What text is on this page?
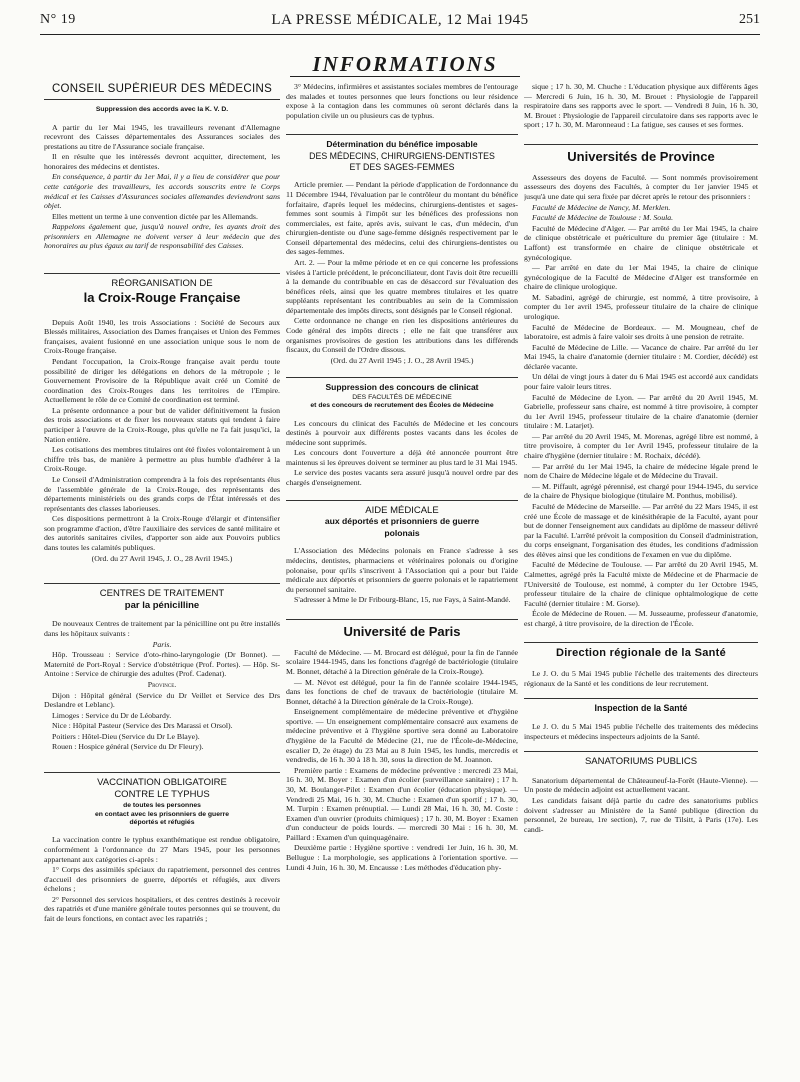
N° 19	LA PRESSE MÉDICALE, 12 Mai 1945	251
INFORMATIONS
CONSEIL SUPÉRIEUR DES MÉDECINS
Suppression des accords avec la K. V. D.

A partir du 1er Mai 1945, les travailleurs revenant d'Allemagne recevront des Caisses départementales des Assurances sociales des prestations au titre de l'Assurance sociale française.

Il en résulte que les intéressés devront acquitter, directement, les honoraires des médecins et dentistes.

En conséquence, à partir du 1er Mai, il y a lieu de considérer que pour cette catégorie des travailleurs, les accords souscrits entre le Corps médical et les Caisses d'Assurances sociales allemandes deviendront sans objet.

Elles mettent un terme à une convention dictée par les Allemands.

Rappelons également que, jusqu'à nouvel ordre, les ayants droit des prisonniers en Allemagne ne doivent verser à leur médecin que des honoraires au plus égaux au tarif de responsabilité des Caisses.

RÉORGANISATION DE
la Croix-Rouge Française

Depuis Août 1940, les trois Associations : Société de Secours aux Blessés militaires, Association des Dames françaises et Union des Femmes françaises, avaient fusionné en une association unique sous le nom de Croix-Rouge française.

Pendant l'occupation, la Croix-Rouge française avait perdu toute possibilité de diriger les délégations en dehors de la métropole ; le Gouvernement Provisoire de la République avait créé un Comité de coordination des Croix-Rouges dans les territoires de l'Empire. Actuellement le rôle de ce Comité de coordination est terminé.

La présente ordonnance a pour but de valider définitivement la fusion des trois associations et de fixer les nouveaux statuts qui tendent à faire participer à l'œuvre de la Croix-Rouge, plus qu'elle ne l'a fait jusqu'ici, la Nation entière.

Les cotisations des membres titulaires ont été fixées volontairement à un chiffre très bas, de manière à permettre au plus humble d'adhérer à la Croix-Rouge.

Le Conseil d'Administration comprendra à la fois des représentants élus de l'assemblée générale de la Croix-Rouge, des représentants des départements ministériels ou des grands corps de l'État intéressés et des représentants des classes laborieuses.

Ces dispositions permettront à la Croix-Rouge d'élargir et d'intensifier son programme d'action, d'être l'auxiliaire des services de santé militaire et des autorités sanitaires civiles, d'apporter son aide aux Pouvoirs publics dans toutes les calamités publiques.

(Ord. du 27 Avril 1945, J. O., 28 Avril 1945.)

CENTRES DE TRAITEMENT
par la pénicilline

De nouveaux Centres de traitement par la pénicilline ont pu être installés dans les hôpitaux suivants :

Paris.

Hôp. Trousseau : Service d'oto-rhino-laryngologie (Dr Bonnet). — Maternité de Port-Royal : Service d'obstétrique (Prof. Portes). — Hôp. St-Antoine : Service de chirurgie des adultes (Prof. Cadenat).

Province.

Dijon : Hôpital général (Service du Dr Veillet et Service des Drs Deslandre et Leblanc).

Limoges : Service du Dr de Léobardy.

Nice : Hôpital Pasteur (Service des Drs Marassi et Orsol).

Poitiers : Hôtel-Dieu (Service du Dr Le Blaye).

Rouen : Hospice général (Service du Dr Fleury).

VACCINATION OBLIGATOIRE
CONTRE LE TYPHUS
de toutes les personnes
en contact avec les prisonniers de guerre
déportés et réfugiés

La vaccination contre le typhus exanthématique est rendue obligatoire, conformément à l'ordonnance du 27 Mars 1945, pour les personnes appartenant aux catégories ci-après :

1° Corps des assimilés spéciaux du rapatriement, personnel des centres d'accueil des prisonniers de guerre, déportés et réfugiés, aux divers échelons ;

2° Personnel des services hospitaliers, et des centres destinés à recevoir des rapatriés et d'une manière générale toutes personnes qui se trouvent, du fait de leurs fonctions, en contact avec les rapatriés ;

3° Médecins, infirmières et assistantes sociales membres de l'entourage des malades et toutes personnes que leurs fonctions ou leur résidence expose à la contagion dans les communes où seront déclarés dans la population civile un ou plusieurs cas de typhus.

Détermination du bénéfice imposable
DES MÉDECINS, CHIRURGIENS-DENTISTES
ET DES SAGES-FEMMES

Article premier. — Pendant la période d'application de l'ordonnance du 11 Décembre 1944, l'évaluation par le contrôleur du montant du bénéfice forfaitaire, d'après lequel les médecins, chirurgiens-dentistes et sages-femmes sont soumis à l'impôt sur les bénéfices des professions non commerciales, est faite, après avis, suivant le cas, d'un médecin, d'un chirurgien-dentiste ou d'une sage-femme désignés respectivement par le Conseil départemental des médecins, celui des chirurgiens-dentistes ou des sages-femmes.

Art. 2. — Pour la même période et en ce qui concerne les professions visées à l'article précédent, le préconciliateur, dont l'avis doit être recueilli à la demande du contribuable en cas de désaccord sur l'évaluation des bénéfices réels, ainsi que les quatre membres titulaires et les quatre suppléants représentant les contribuables au sein de la Commission départementale des impôts directs, sont désignés par le Conseil régional.

Cette ordonnance ne change en rien les dispositions antérieures du Code général des impôts directs ; elle ne fait que transférer aux organismes provisoires de gestion les attributions dans les différends fiscaux, du Conseil de l'Ordre dissous.

(Ord. du 27 Avril 1945 ; J. O., 28 Avril 1945.)

Suppression des concours de clinicat
DES FACULTÉS DE MÉDECINE
et des concours de recrutement des Écoles de Médecine

Les concours du clinicat des Facultés de Médecine et les concours destinés à pourvoir aux différents postes vacants dans les écoles de médecine sont supprimés.

Les concours dont l'ouverture a déjà été annoncée pourront être maintenus si les épreuves doivent se terminer au plus tard le 31 Mai 1945.

Le service des postes vacants sera assuré jusqu'à nouvel ordre par des chargés d'enseignement.

AIDE MÉDICALE
aux déportés et prisonniers de guerre
polonais

L'Association des Médecins polonais en France s'adresse à ses médecins, dentistes, pharmaciens et vétérinaires polonais ou d'origine polonaise, pour qu'ils s'inscrivent à l'Association qui a pour but l'aide médicale aux déportés et prisonniers de guerre polonais et le rapatriement du personnel sanitaire.

S'adresser à Mme le Dr Fribourg-Blanc, 15, rue Fays, à Saint-Mandé.

Université de Paris

Faculté de Médecine. — M. Brocard est délégué, pour la fin de l'année scolaire 1944-1945, dans les fonctions d'agrégé de bactériologie (titulaire M. Bonnet, détaché à la Direction générale de la Croix-Rouge).

— M. Névot est délégué, pour la fin de l'année scolaire 1944-1945, dans les fonctions de chef de travaux de bactériologie (titulaire M. Bonnet, détaché à la Direction générale de la Croix-Rouge).

Enseignement complémentaire de médecine préventive et d'hygiène sportive. — Un enseignement complémentaire consacré aux examens de médecine préventive et à l'hygiène sportive sera donné au Laboratoire d'hygiène de la Faculté de Médecine (21, rue de l'École-de-Médecine, escalier D, 2e étage) du 23 Mai au 8 Juin 1945, les lundis, mercredis et vendredis, de 16 h. 30 à 18 h. 30, sous la direction de M. Joannon.

Première partie : Examens de médecine préventive : mercredi 23 Mai, 16 h. 30, M. Boyer : Examen d'un écolier (surveillance sanitaire) ; 17 h. 30, M. Boulanger-Pilet : Examen d'un écolier (éducation physique). — Vendredi 25 Mai, 16 h. 30, M. Chuche : Examen d'un sportif ; 17 h. 30, M. Turpin : Examen prénuptial. — Lundi 28 Mai, 16 h. 30, M. Coste : Examen d'un ouvrier (produits chimiques) ; 17 h. 30, M. Boyer : Examen d'un conducteur de poids lourds. — mercredi 30 Mai : 16 h. 30, M. Paillard : Examen d'un quinquagénaire.

Deuxième partie : Hygiène sportive : vendredi 1er Juin, 16 h. 30, M. Bellugue : La morphologie, ses applications à l'orientation sportive. — Lundi 4 Juin, 16 h. 30, M. Encausse : Les méthodes d'éducation phy-

sique ; 17 h. 30, M. Chuche : L'éducation physique aux différents âges — Mercredi 6 Juin, 16 h. 30, M. Brouet : Physiologie de l'appareil respiratoire dans ses rapports avec le sport. — Vendredi 8 Juin, 16 h. 30, M. Brouet : Physiologie de l'appareil circulatoire dans ses rapports avec le sport ; 17 h. 30, M. Maronneaud : La fatigue, ses causes et ses formes.

Universités de Province

Assesseurs des doyens de Faculté. — Sont nommés provisoirement assesseurs des doyens des Facultés, à compter du 1er janvier 1945 et jusqu'à une date qui sera fixée par décret après le retour des prisonniers :

Faculté de Médecine de Nancy, M. Merklen.

Faculté de Médecine de Toulouse : M. Soula.

Faculté de Médecine d'Alger. — Par arrêté du 1er Mai 1945, la chaire de clinique obstétricale et puériculture du premier âge (titulaire : M. Laffont) est transformée en chaire de clinique obstétricale et gynécologique.

— Par arrêté en date du 1er Mai 1945, la chaire de clinique gynécologique de la Faculté de Médecine d'Alger est transformée en chaire de clinique urologique.

M. Sabadini, agrégé de chirurgie, est nommé, à titre provisoire, à compter du 1er avril 1945, professeur titulaire de la chaire de clinique urologique.

Faculté de Médecine de Bordeaux. — M. Mougneau, chef de laboratoire, est admis à faire valoir ses droits à une pension de retraite.

Faculté de Médecine de Lille. — Vacance de chaire. Par arrêté du 1er Mai 1945, la chaire d'anatomie (dernier titulaire : M. Cordier, décédé) est déclarée vacante.

Un délai de vingt jours à dater du 6 Mai 1945 est accordé aux candidats pour faire valoir leurs titres.

Faculté de Médecine de Lyon. — Par arrêté du 20 Avril 1945, M. Gabrielle, professeur sans chaire, est nommé à titre provisoire, à compter du 1er Avril 1945, professeur titulaire de la chaire d'anatomie (dernier titulaire : M. Latarjet).

— Par arrêté du 20 Avril 1945, M. Morenas, agrégé libre est nommé, à titre provisoire, à compter du 1er Avril 1945, professeur titulaire de la chaire d'hygiène (dernier titulaire : M. Rochaix, décédé).

— Par arrêté du 1er Mai 1945, la chaire de médecine légale prend le nom de Chaire de Médecine légale et de Médecine du Travail.

— M. Piffault, agrégé pérennisé, est chargé pour 1944-1945, du service de la chaire de Physique biologique (titulaire M. Ponthus, mobilisé).

Faculté de Médecine de Marseille. — Par arrêté du 22 Mars 1945, il est créé une École de massage et de kinésithérapie de la Faculté, ayant pour but de donner l'enseignement aux candidats au diplôme de masseur délivré par la Faculté. L'arrêté prévoit la composition du Conseil d'administration, du corps enseignant, l'organisation des études, les conditions d'admission des élèves ainsi que les conditions de l'examen en vue du diplôme.

Faculté de Médecine de Toulouse. — Par arrêté du 20 Avril 1945, M. Calmettes, agrégé près la Faculté mixte de Médecine et de Pharmacie de l'Université de Toulouse, est nommé, à compter du 1er Octobre 1945, professeur titulaire de la chaire de clinique ophtalmologique de cette Faculté (dernier titulaire : M. Gorse).

École de Médecine de Rouen. — M. Jusseaume, professeur d'anatomie, est chargé, à titre provisoire, de la direction de l'École.

Direction régionale de la Santé

Le J. O. du 5 Mai 1945 publie l'échelle des traitements des directeurs régionaux de la Santé et les conditions de leur recrutement.

Inspection de la Santé

Le J. O. du 5 Mai 1945 publie l'échelle des traitements des médecins inspecteurs et médecins inspecteurs adjoints de la Santé.

SANATORIUMS PUBLICS

Sanatorium départemental de Châteauneuf-la-Forêt (Haute-Vienne). — Un poste de médecin adjoint est actuellement vacant.

Les candidats faisant déjà partie du cadre des sanatoriums publics doivent s'adresser au Ministère de la Santé publique (direction du personnel, 2e bureau, 1re section), 7, rue de Tilsitt, à Paris (17e). Les candi-
